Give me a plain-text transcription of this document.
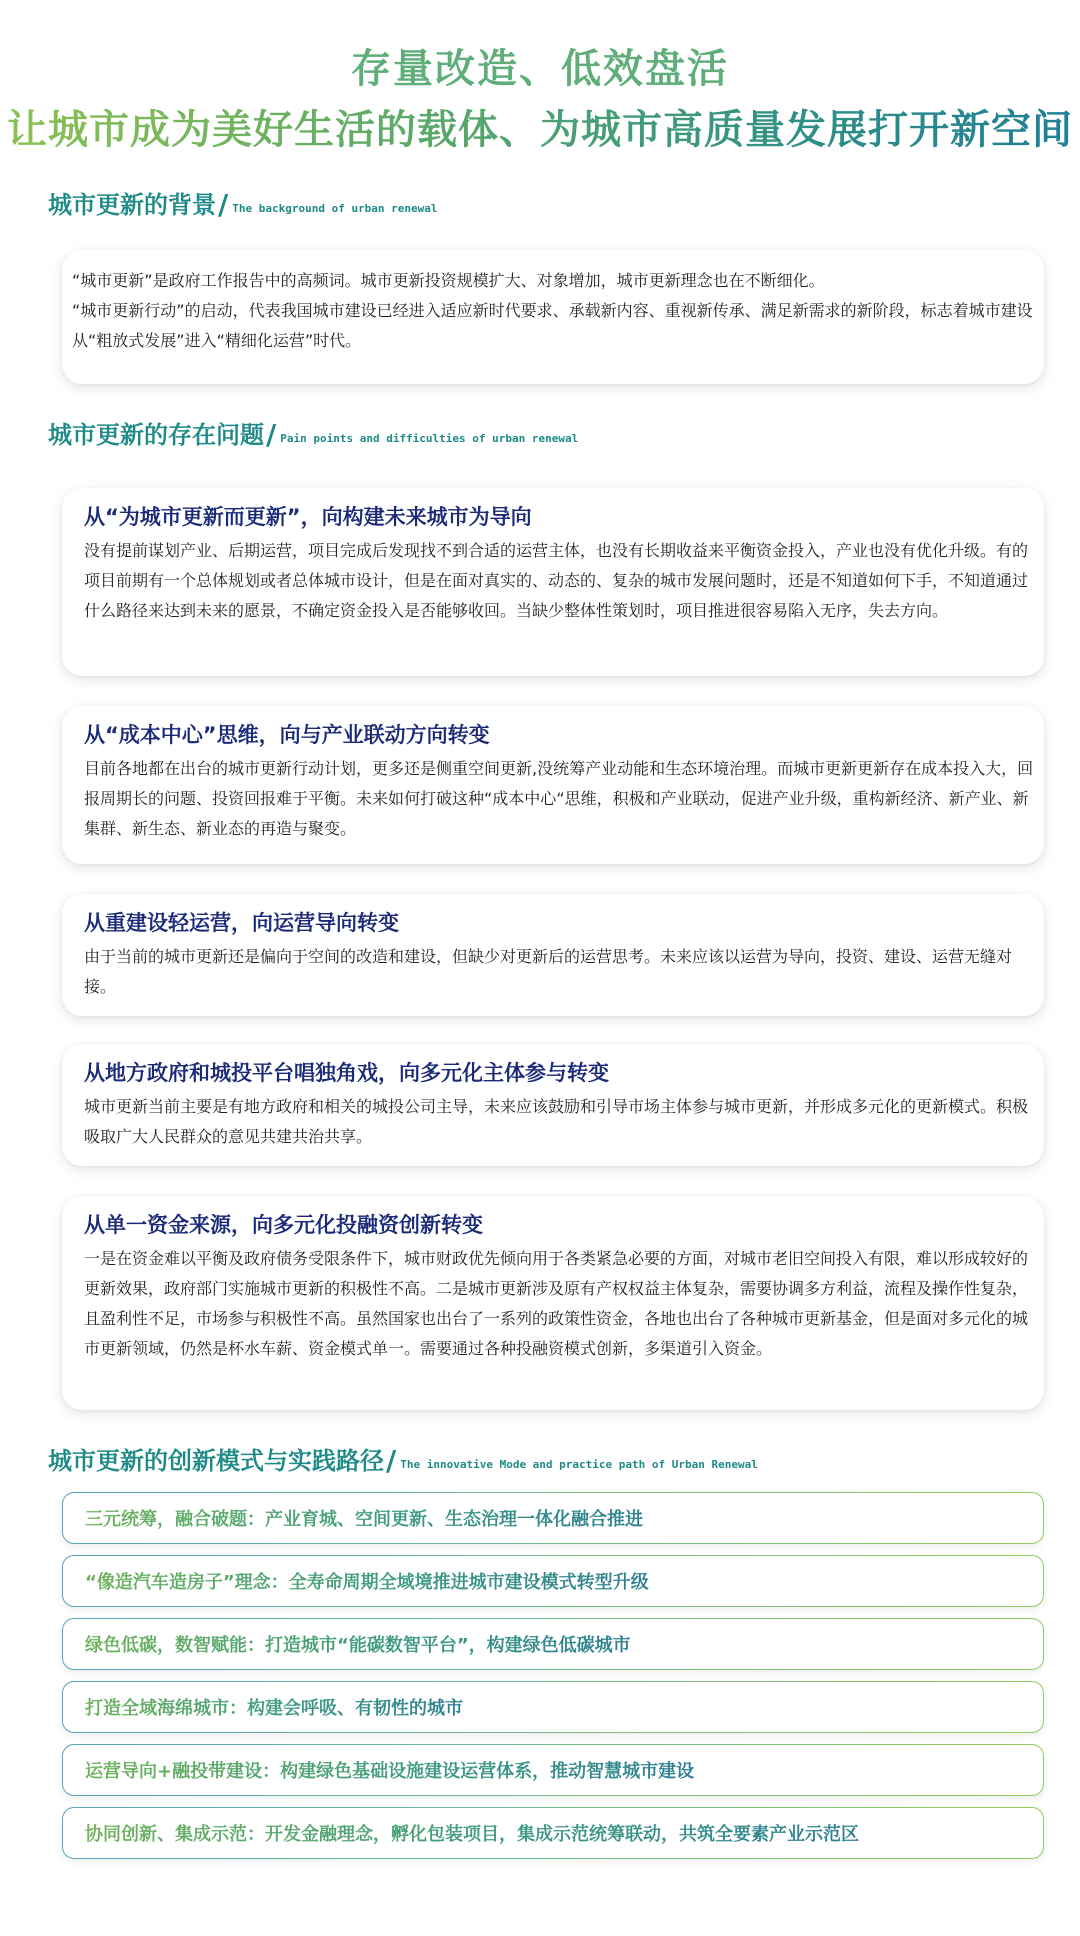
存量改造、低效盘活
让城市成为美好生活的载体、为城市高质量发展打开新空间
城市更新的背景 / The background of urban renewal

“城市更新”是政府工作报告中的高频词。城市更新投资规模扩大、对象增加，城市更新理念也在不断细化。

“城市更新行动”的启动，代表我国城市建设已经进入适应新时代要求、承载新内容、重视新传承、满足新需求的新阶段，标志着城市建设从“粗放式发展”进入“精细化运营”时代。

城市更新的存在问题 / Pain points and difficulties of urban renewal
从“为城市更新而更新”，向构建未来城市为导向

没有提前谋划产业、后期运营，项目完成后发现找不到合适的运营主体，也没有长期收益来平衡资金投入，产业也没有优化升级。有的项目前期有一个总体规划或者总体城市设计，但是在面对真实的、动态的、复杂的城市发展问题时，还是不知道如何下手，不知道通过什么路径来达到未来的愿景，不确定资金投入是否能够收回。当缺少整体性策划时，项目推进很容易陷入无序，失去方向。

从“成本中心”思维，向与产业联动方向转变

目前各地都在出台的城市更新行动计划，更多还是侧重空间更新,没统筹产业动能和生态环境治理。而城市更新更新存在成本投入大，回报周期长的问题、投资回报难于平衡。未来如何打破这种“成本中心“思维，积极和产业联动，促进产业升级，重构新经济、新产业、新集群、新生态、新业态的再造与聚变。

从重建设轻运营，向运营导向转变

由于当前的城市更新还是偏向于空间的改造和建设，但缺少对更新后的运营思考。未来应该以运营为导向，投资、建设、运营无缝对接。

从地方政府和城投平台唱独角戏，向多元化主体参与转变

城市更新当前主要是有地方政府和相关的城投公司主导，未来应该鼓励和引导市场主体参与城市更新，并形成多元化的更新模式。积极吸取广大人民群众的意见共建共治共享。

从单一资金来源，向多元化投融资创新转变

一是在资金难以平衡及政府债务受限条件下，城市财政优先倾向用于各类紧急必要的方面，对城市老旧空间投入有限，难以形成较好的更新效果，政府部门实施城市更新的积极性不高。二是城市更新涉及原有产权权益主体复杂，需要协调多方利益，流程及操作性复杂，且盈利性不足，市场参与积极性不高。虽然国家也出台了一系列的政策性资金，各地也出台了各种城市更新基金，但是面对多元化的城市更新领域，仍然是杯水车薪、资金模式单一。需要通过各种投融资模式创新，多渠道引入资金。

城市更新的创新模式与实践路径 / The innovative Mode and practice path of Urban Renewal
三元统筹，融合破题：产业育城、空间更新、生态治理一体化融合推进
“像造汽车造房子”理念：全寿命周期全域境推进城市建设模式转型升级
绿色低碳，数智赋能：打造城市“能碳数智平台”，构建绿色低碳城市
打造全域海绵城市：构建会呼吸、有韧性的城市
运营导向+融投带建设：构建绿色基础设施建设运营体系，推动智慧城市建设
协同创新、集成示范：开发金融理念，孵化包装项目，集成示范统筹联动，共筑全要素产业示范区
